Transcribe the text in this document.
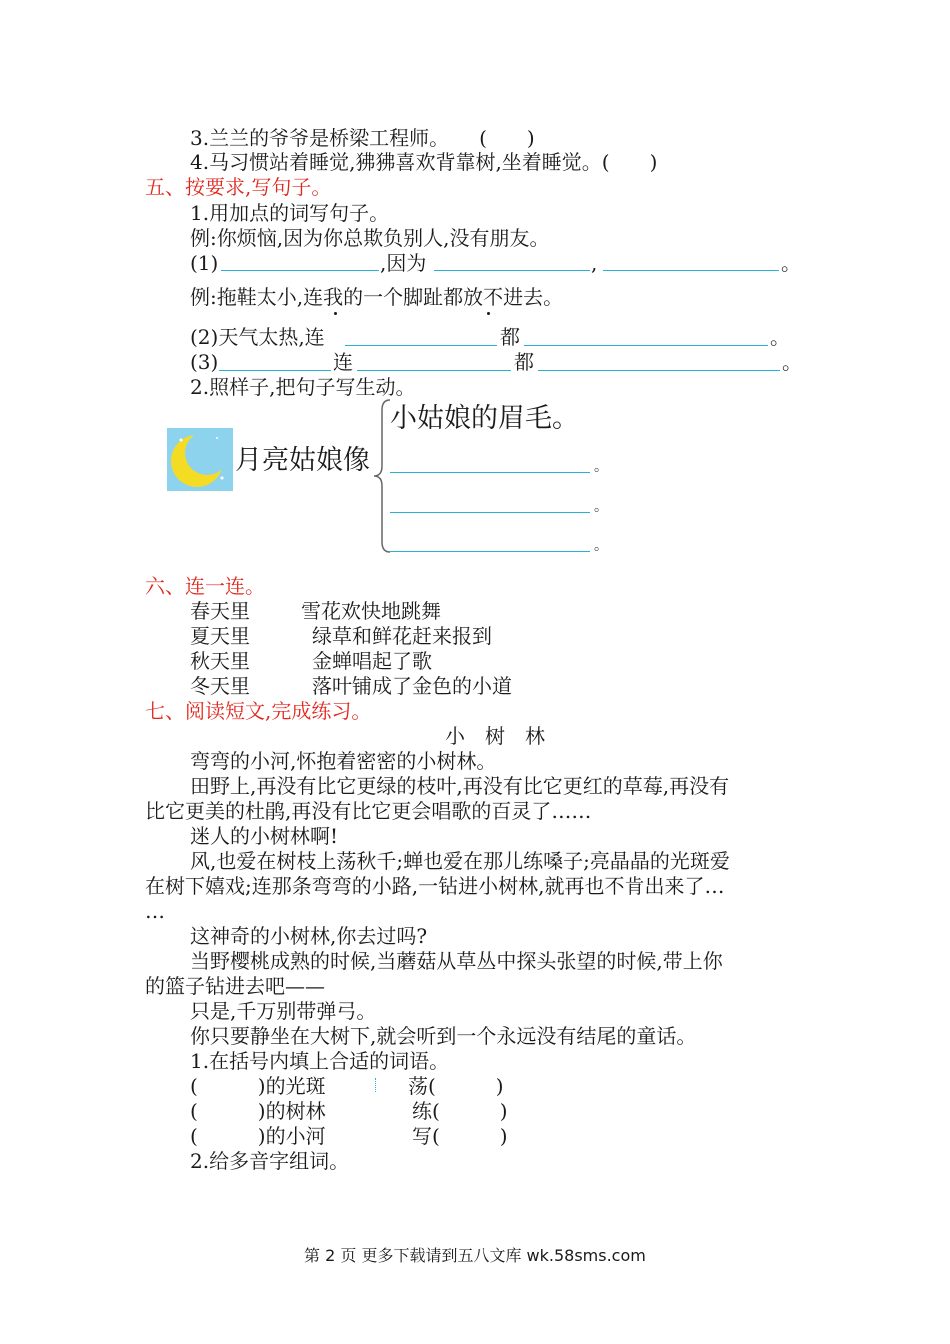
3.兰兰的爷爷是桥梁工程师。　　(　　)
4.马习惯站着睡觉,狒狒喜欢背靠树,坐着睡觉。(　　)
五、按要求,写句子。
1.用加点的词写句子。
例:你烦恼,因为你总欺负别人,没有朋友。
(1)	,因为	,	。
例:拖鞋太小,连我的一个脚趾都放不进去。
(2)天气太热,连	都	。
(3)	连	都	。
2.照样子,把句子写生动。
月亮姑娘像
小姑娘的眉毛。
。
。
。
六、连一连。
春天里	雪花欢快地跳舞
夏天里	绿草和鲜花赶来报到
秋天里	金蝉唱起了歌
冬天里	落叶铺成了金色的小道
七、阅读短文,完成练习。
小　树　林
弯弯的小河,怀抱着密密的小树林。
田野上,再没有比它更绿的枝叶,再没有比它更红的草莓,再没有
比它更美的杜鹃,再没有比它更会唱歌的百灵了……
迷人的小树林啊!
风,也爱在树枝上荡秋千;蝉也爱在那儿练嗓子;亮晶晶的光斑爱
在树下嬉戏;连那条弯弯的小路,一钻进小树林,就再也不肯出来了…
…
这神奇的小树林,你去过吗?
当野樱桃成熟的时候,当蘑菇从草丛中探头张望的时候,带上你
的篮子钻进去吧——
只是,千万别带弹弓。
你只要静坐在大树下,就会听到一个永远没有结尾的童话。
1.在括号内填上合适的词语。
(　　　)的光斑	荡(　　　)
(　　　)的树林	练(　　　)
(　　　)的小河	写(　　　)
2.给多音字组词。
第 2 页 更多下载请到五八文库 wk.58sms.com
